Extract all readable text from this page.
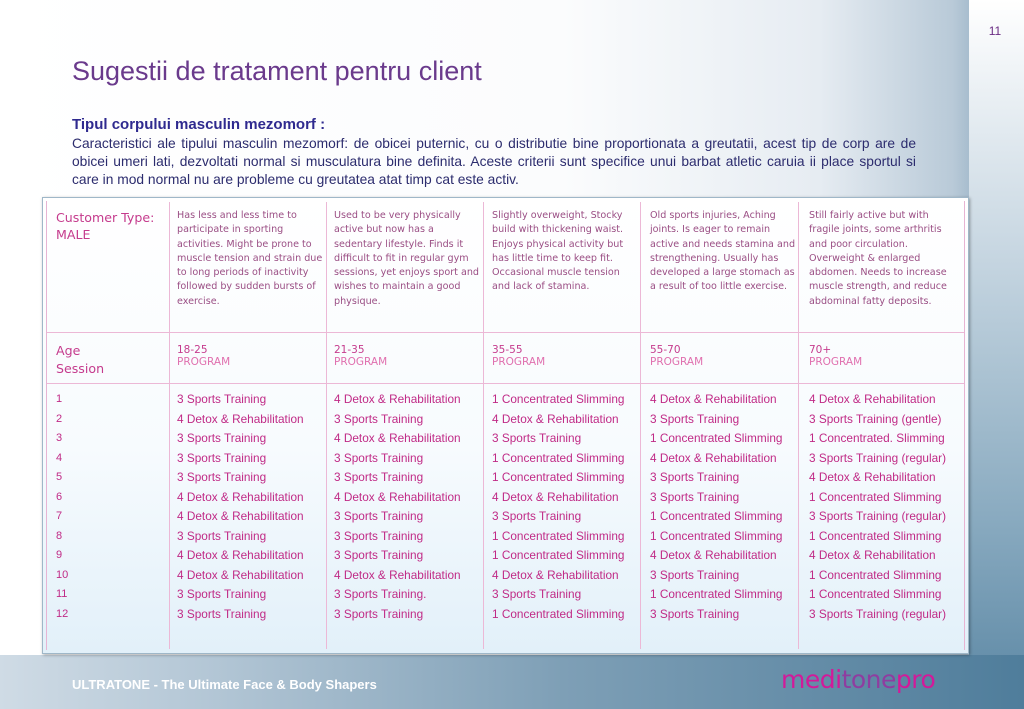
11
Sugestii de tratament pentru client
Tipul corpului masculin mezomorf :
Caracteristici ale tipului masculin mezomorf: de obicei puternic, cu o distributie bine proportionata a greutatii, acest tip de corp are de obicei umeri lati, dezvoltati normal si musculatura bine definita. Aceste criterii sunt specifice unui barbat atletic caruia ii place sportul si care in mod normal nu are probleme cu greutatea atat timp cat este activ.
Customer Type:
MALE
Has less and less time to participate in sporting activities. Might be prone to muscle tension and strain due to long periods of inactivity followed by sudden bursts of exercise.
Used to be very physically active but now has a sedentary lifestyle. Finds it difficult to fit in regular gym sessions, yet enjoys sport and wishes to maintain a good physique.
Slightly overweight, Stocky build with thickening waist. Enjoys physical activity but has little time to keep fit. Occasional muscle tension and lack of stamina.
Old sports injuries, Aching joints. Is eager to remain active and needs stamina and strengthening. Usually has developed a large stomach as a result of too little exercise.
Still fairly active but with fragile joints, some arthritis and poor circulation. Overweight & enlarged abdomen. Needs to increase muscle strength, and reduce abdominal fatty deposits.
Age
Session
18-25
PROGRAM
21-35
PROGRAM
35-55
PROGRAM
55-70
PROGRAM
70+
PROGRAM
1
2
3
4
5
6
7
8
9
10
11
12
3 Sports Training
4 Detox & Rehabilitation
3 Sports Training
3 Sports Training
3 Sports Training
4 Detox & Rehabilitation
4 Detox & Rehabilitation
3 Sports Training
4 Detox & Rehabilitation
4 Detox & Rehabilitation
3 Sports Training
3 Sports Training
4 Detox & Rehabilitation
3 Sports Training
4 Detox & Rehabilitation
3 Sports Training
3 Sports Training
4 Detox & Rehabilitation
3 Sports Training
3 Sports Training
3 Sports Training
4 Detox & Rehabilitation
3 Sports Training.
3 Sports Training
1 Concentrated Slimming
4 Detox & Rehabilitation
3 Sports Training
1 Concentrated Slimming
1 Concentrated Slimming
4 Detox & Rehabilitation
3 Sports Training
1 Concentrated Slimming
1 Concentrated Slimming
4 Detox & Rehabilitation
3 Sports Training
1 Concentrated Slimming
4 Detox & Rehabilitation
3 Sports Training
1 Concentrated Slimming
4 Detox & Rehabilitation
3 Sports Training
3 Sports Training
1 Concentrated Slimming
1 Concentrated Slimming
4 Detox & Rehabilitation
3 Sports Training
1 Concentrated Slimming
3 Sports Training
4 Detox & Rehabilitation
3 Sports Training (gentle)
1 Concentrated. Slimming
3 Sports Training (regular)
4 Detox & Rehabilitation
1 Concentrated Slimming
3 Sports Training (regular)
1 Concentrated Slimming
4 Detox & Rehabilitation
1 Concentrated Slimming
1 Concentrated Slimming
3 Sports Training (regular)
ULTRATONE - The Ultimate Face & Body Shapers	meditonepro
